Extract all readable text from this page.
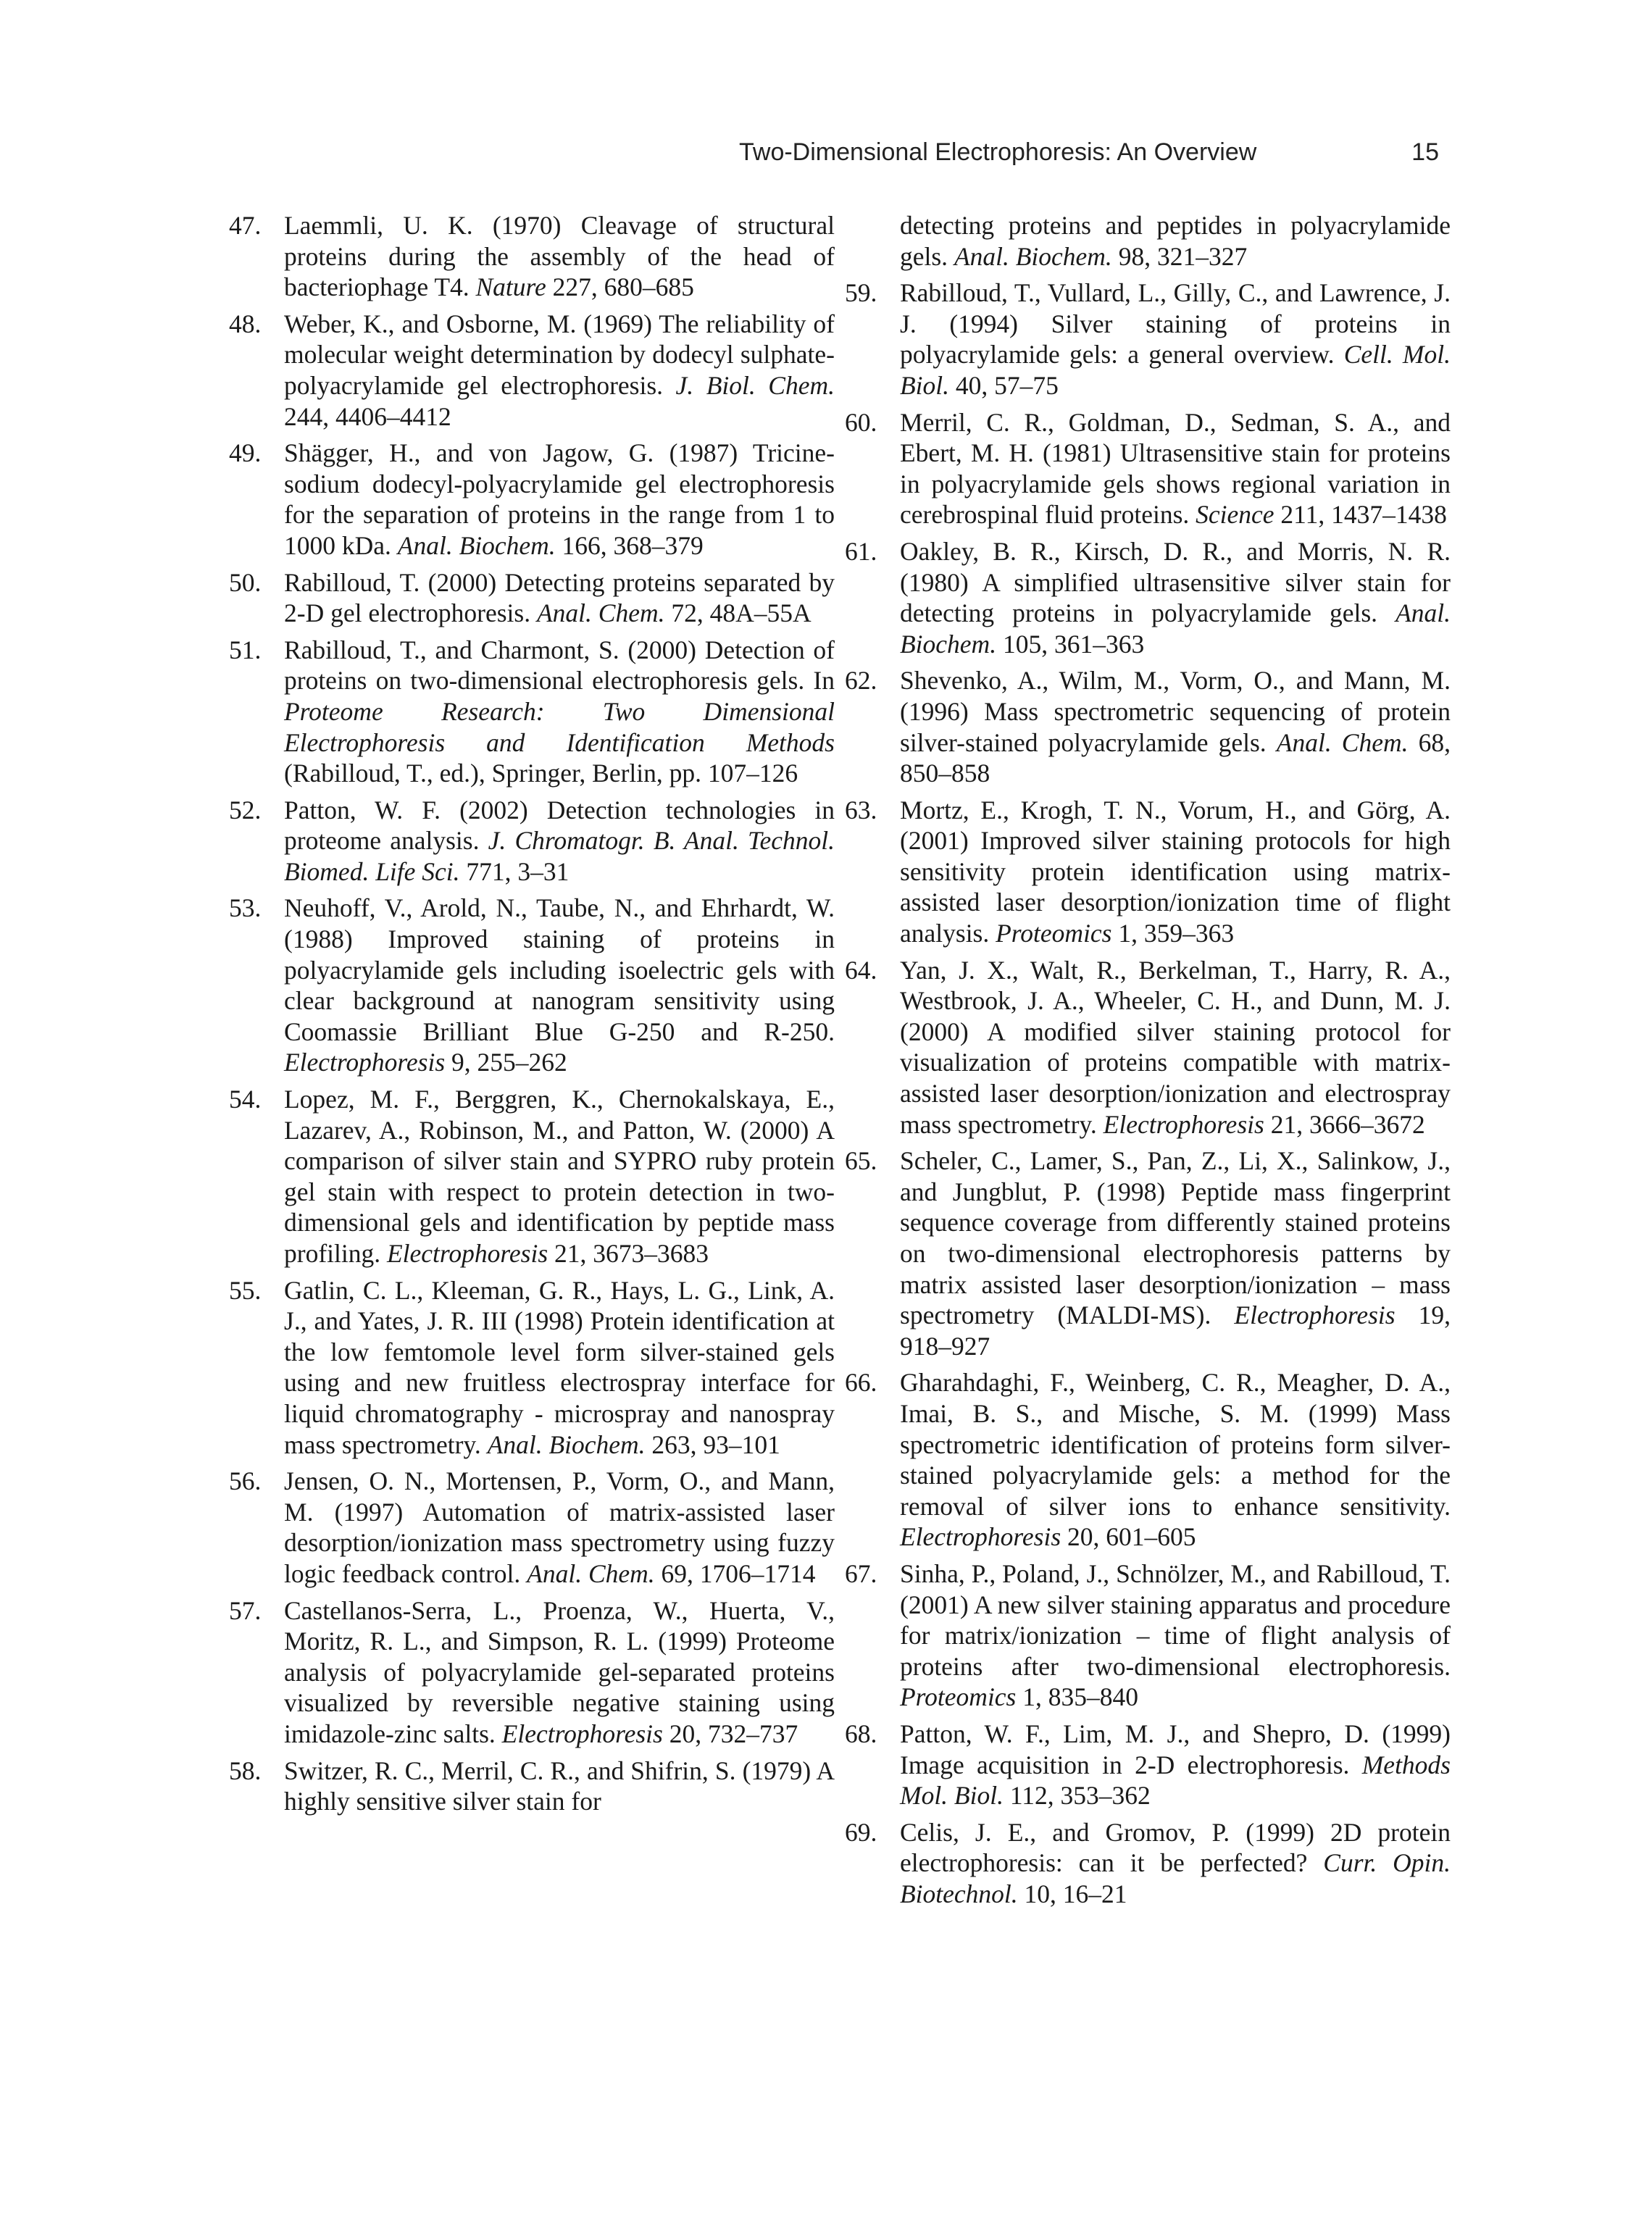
Two-Dimensional Electrophoresis: An Overview	15
47. Laemmli, U. K. (1970) Cleavage of structural proteins during the assembly of the head of bacteriophage T4. Nature 227, 680–685
48. Weber, K., and Osborne, M. (1969) The reliability of molecular weight determination by dodecyl sulphate-polyacrylamide gel electrophoresis. J. Biol. Chem. 244, 4406–4412
49. Shägger, H., and von Jagow, G. (1987) Tricine-sodium dodecyl-polyacrylamide gel electrophoresis for the separation of proteins in the range from 1 to 1000 kDa. Anal. Biochem. 166, 368–379
50. Rabilloud, T. (2000) Detecting proteins separated by 2-D gel electrophoresis. Anal. Chem. 72, 48A–55A
51. Rabilloud, T., and Charmont, S. (2000) Detection of proteins on two-dimensional electrophoresis gels. In Proteome Research: Two Dimensional Electrophoresis and Identification Methods (Rabilloud, T., ed.), Springer, Berlin, pp. 107–126
52. Patton, W. F. (2002) Detection technologies in proteome analysis. J. Chromatogr. B. Anal. Technol. Biomed. Life Sci. 771, 3–31
53. Neuhoff, V., Arold, N., Taube, N., and Ehrhardt, W. (1988) Improved staining of proteins in polyacrylamide gels including isoelectric gels with clear background at nanogram sensitivity using Coomassie Brilliant Blue G-250 and R-250. Electrophoresis 9, 255–262
54. Lopez, M. F., Berggren, K., Chernokalskaya, E., Lazarev, A., Robinson, M., and Patton, W. (2000) A comparison of silver stain and SYPRO ruby protein gel stain with respect to protein detection in two-dimensional gels and identification by peptide mass profiling. Electrophoresis 21, 3673–3683
55. Gatlin, C. L., Kleeman, G. R., Hays, L. G., Link, A. J., and Yates, J. R. III (1998) Protein identification at the low femtomole level form silver-stained gels using and new fruitless electrospray interface for liquid chromatography - microspray and nanospray mass spectrometry. Anal. Biochem. 263, 93–101
56. Jensen, O. N., Mortensen, P., Vorm, O., and Mann, M. (1997) Automation of matrix-assisted laser desorption/ionization mass spectrometry using fuzzy logic feedback control. Anal. Chem. 69, 1706–1714
57. Castellanos-Serra, L., Proenza, W., Huerta, V., Moritz, R. L., and Simpson, R. L. (1999) Proteome analysis of polyacrylamide gel-separated proteins visualized by reversible negative staining using imidazole-zinc salts. Electrophoresis 20, 732–737
58. Switzer, R. C., Merril, C. R., and Shifrin, S. (1979) A highly sensitive silver stain for
detecting proteins and peptides in polyacrylamide gels. Anal. Biochem. 98, 321–327
59. Rabilloud, T., Vullard, L., Gilly, C., and Lawrence, J. J. (1994) Silver staining of proteins in polyacrylamide gels: a general overview. Cell. Mol. Biol. 40, 57–75
60. Merril, C. R., Goldman, D., Sedman, S. A., and Ebert, M. H. (1981) Ultrasensitive stain for proteins in polyacrylamide gels shows regional variation in cerebrospinal fluid proteins. Science 211, 1437–1438
61. Oakley, B. R., Kirsch, D. R., and Morris, N. R. (1980) A simplified ultrasensitive silver stain for detecting proteins in polyacrylamide gels. Anal. Biochem. 105, 361–363
62. Shevenko, A., Wilm, M., Vorm, O., and Mann, M. (1996) Mass spectrometric sequencing of protein silver-stained polyacrylamide gels. Anal. Chem. 68, 850–858
63. Mortz, E., Krogh, T. N., Vorum, H., and Görg, A. (2001) Improved silver staining protocols for high sensitivity protein identification using matrix-assisted laser desorption/ionization time of flight analysis. Proteomics 1, 359–363
64. Yan, J. X., Walt, R., Berkelman, T., Harry, R. A., Westbrook, J. A., Wheeler, C. H., and Dunn, M. J. (2000) A modified silver staining protocol for visualization of proteins compatible with matrix-assisted laser desorption/ionization and electrospray mass spectrometry. Electrophoresis 21, 3666–3672
65. Scheler, C., Lamer, S., Pan, Z., Li, X., Salinkow, J., and Jungblut, P. (1998) Peptide mass fingerprint sequence coverage from differently stained proteins on two-dimensional electrophoresis patterns by matrix assisted laser desorption/ionization – mass spectrometry (MALDI-MS). Electrophoresis 19, 918–927
66. Gharahdaghi, F., Weinberg, C. R., Meagher, D. A., Imai, B. S., and Mische, S. M. (1999) Mass spectrometric identification of proteins form silver-stained polyacrylamide gels: a method for the removal of silver ions to enhance sensitivity. Electrophoresis 20, 601–605
67. Sinha, P., Poland, J., Schnölzer, M., and Rabilloud, T. (2001) A new silver staining apparatus and procedure for matrix/ionization – time of flight analysis of proteins after two-dimensional electrophoresis. Proteomics 1, 835–840
68. Patton, W. F., Lim, M. J., and Shepro, D. (1999) Image acquisition in 2-D electrophoresis. Methods Mol. Biol. 112, 353–362
69. Celis, J. E., and Gromov, P. (1999) 2D protein electrophoresis: can it be perfected? Curr. Opin. Biotechnol. 10, 16–21
